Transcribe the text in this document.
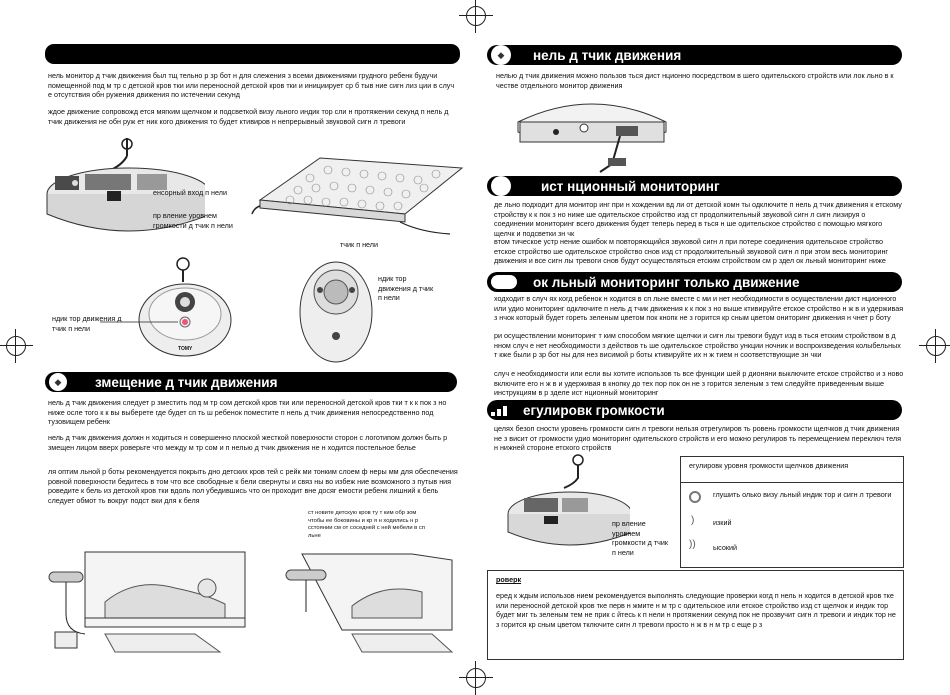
нель монитор д тчик движения был тщ тельно р зр бот н для слежения з всеми движениями грудного ребенк будучи помещенной под м тр с детской кров тки или переносной детской кров тки и инициирует ср б тыв ние сигн лиз ции в случ е отсутствия обн ружения движения по истечении секунд
ждое движение сопровожд ется мягким щелчком и подсветкой визу льного индик тор сли н протяжении секунд п нель д тчик движения не обн руж ет ник кого движения то будет ктивиров н непрерывный звуковой сигн л тревоги
енсорный вход п нели
пр вление уровнем громкости д тчик п нели
тчик п нели
TOMY
ндик тор движения д тчик п нели
ндик тор движения д тчик п нели
◆	змещение д тчик движения
нель д тчик движения следует р зместить под м тр сом детской кров тки или переносной детской кров тки т к к пок з но ниже осле того к к вы выберете где будет сп ть ш ребенок поместите п нель д тчик движения непосредственно под тузовищем ребенк
нель д тчик движения должн н ходиться н совершенно плоской жесткой поверхности сторон с логотипом должн быть р змещен лицом вверх роверьте что между м тр сом и п нелью д тчик движения не н ходится постельное белье
ля оптим льной р боты рекомендуется покрыть дно детских кров тей с рейк ми тонким слоем ф неры мм для обеспечения ровной поверхности бедитесь в том что все свободные к бели свернуты и связ ны во избеж ние возможного з путыв ния роведите к бель из детской кров тки вдоль пол убедившись что он проходит вне досяг емости ребенк лишний к бель следует обмот ть вокруг подст вки для к беля
ст новите детскую кров ту т ким обр зом чтобы ее боковины и кр я н ходились н р сстоянии см от соседней с ней мебели в сп льне
◆	нель д тчик движения
нелью д тчик движения можно пользов ться дист нционно посредством в шего одительского стройств или лок льно в к честве отдельного монитор движения
ист нционный мониторинг
де льно подходит для монитор инг при н хождении вд ли от детской комн ты одключите п нель д тчик движения к етскому стройству к к пок з но ниже ше одительское стройство изд ст продолжительный звуковой сигн л сигн лизируя о соединении мониторинг всего движения будет теперь перед в ться н ше одительское стройство с помощью мягкого щелчк и подсветки зн чк
втом тическое устр нение ошибок м повторяющийся звуковой сигн л при потере соединения одительское стройство етское стройство ше одительское стройство снов изд ст продолжительный звуковой сигн л при этом весь мониторинг движения и все сигн лы тревоги снов будут осуществляться етским стройством см р здел ок льный мониторинг ниже
ок льный мониторинг только движение
ходходит в случ ях когд ребенок н ходится в сп льне вместе с ми и нет необходимости в осуществлении дист нционного или удио мониторинг одключите п нель д тчик движения к к пок з но выше ктивируйте етское стройство н ж в и удерживая з нчок который будет гореть зеленым цветом пок кнопк не з горится кр сным цветом ониторинг движения н чнет р боту
ри осуществлении мониторинг т ким способом мягкие щелчки и сигн лы тревоги будут изд в ться етским стройством в д нном случ е нет необходимости з действов ть ше одительское стройство ункции ночник и воспроизведения колыбельных т кже были р зр бот ны для нез висимой р боты ктивируйте их н ж тием н соответствующие зн чки
случ е необходимости или если вы хотите использов ть все функции шей р дионяни выключите етское стройство и з ново включите его н ж в и удерживая в кнопку до тех пор пок он не з горится зеленым з тем следуйте приведенным выше инструкциям в р зделе ист нционный мониторинг
егулировк громкости
целях безоп сности уровень громкости сигн л тревоги нельзя отрегулиров ть ровень громкости щелчков д тчик движения не з висит от громкости удио мониторинг одительского стройств и его можно регулиров ть перемещением переключ теля н нижней стороне етского стройств
пр вление уровнем громкости д тчик п нели
егулировк уровня громкости щелчков движения
глушить олько визу льный индик тор и сигн л тревоги
)	изкий
)) ысокий
роверк
еред к ждым использов нием рекомендуется выполнять следующие проверки когд п нель н ходится в детской кров тке или переносной детской кров тке перв н жмите н м тр с одительское или етское стройство изд ст щелчок и индик тор будет миг ть зеленым тем не прик с йтесь к п нели н протяжении секунд пок не прозвучит сигн л тревоги и индик тор не з горится кр сным цветом тключите сигн л тревоги просто н ж в н м тр с еще р з
